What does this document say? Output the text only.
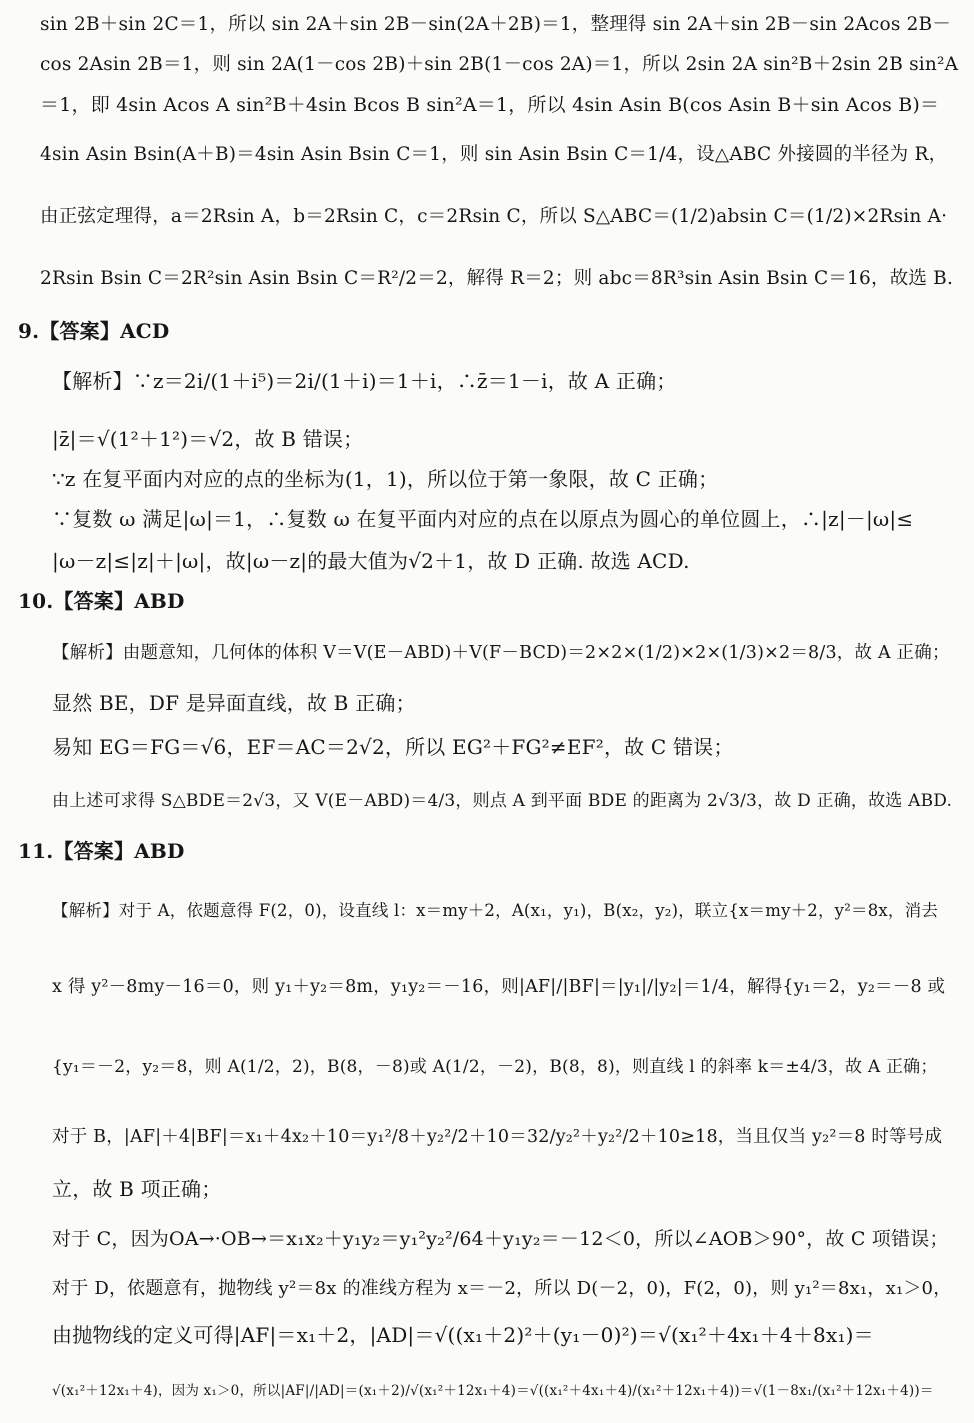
sin 2B＋sin 2C＝1，所以 sin 2A＋sin 2B－sin(2A＋2B)＝1，整理得 sin 2A＋sin 2B－sin 2Acos 2B－
cos 2Asin 2B＝1，则 sin 2A(1－cos 2B)＋sin 2B(1－cos 2A)＝1，所以 2sin 2A sin²B＋2sin 2B sin²A
＝1，即 4sin Acos A sin²B＋4sin Bcos B sin²A＝1，所以 4sin Asin B(cos Asin B＋sin Acos B)＝
4sin Asin Bsin(A＋B)＝4sin Asin Bsin C＝1，则 sin Asin Bsin C＝1/4，设△ABC 外接圆的半径为 R，
由正弦定理得，a＝2Rsin A，b＝2Rsin C，c＝2Rsin C，所以 S△ABC＝(1/2)absin C＝(1/2)×2Rsin A·
2Rsin Bsin C＝2R²sin Asin Bsin C＝R²/2＝2，解得 R＝2；则 abc＝8R³sin Asin Bsin C＝16，故选 B.
9.【答案】ACD
【解析】∵z＝2i/(1＋i⁵)＝2i/(1＋i)＝1＋i，∴z̄＝1－i，故 A 正确；
|z̄|＝√(1²＋1²)＝√2，故 B 错误；
∵z 在复平面内对应的点的坐标为(1，1)，所以位于第一象限，故 C 正确；
∵复数 ω 满足|ω|＝1，∴复数 ω 在复平面内对应的点在以原点为圆心的单位圆上，∴|z|－|ω|≤
|ω－z|≤|z|＋|ω|，故|ω－z|的最大值为√2＋1，故 D 正确. 故选 ACD.
10.【答案】ABD
【解析】由题意知，几何体的体积 V＝V(E－ABD)＋V(F－BCD)＝2×2×(1/2)×2×(1/3)×2＝8/3，故 A 正确；
显然 BE，DF 是异面直线，故 B 正确；
易知 EG＝FG＝√6，EF＝AC＝2√2，所以 EG²＋FG²≠EF²，故 C 错误；
由上述可求得 S△BDE＝2√3，又 V(E－ABD)＝4/3，则点 A 到平面 BDE 的距离为 2√3/3，故 D 正确，故选 ABD.
11.【答案】ABD
【解析】对于 A，依题意得 F(2，0)，设直线 l：x＝my＋2，A(x₁，y₁)，B(x₂，y₂)，联立{x＝my＋2，y²＝8x，消去
x 得 y²－8my－16＝0，则 y₁＋y₂＝8m，y₁y₂＝－16，则|AF|/|BF|＝|y₁|/|y₂|＝1/4，解得{y₁＝2，y₂＝－8 或
{y₁＝－2，y₂＝8，则 A(1/2，2)，B(8，－8)或 A(1/2，－2)，B(8，8)，则直线 l 的斜率 k＝±4/3，故 A 正确；
对于 B，|AF|＋4|BF|＝x₁＋4x₂＋10＝y₁²/8＋y₂²/2＋10＝32/y₂²＋y₂²/2＋10≥18，当且仅当 y₂²＝8 时等号成
立，故 B 项正确；
对于 C，因为OA→·OB→＝x₁x₂＋y₁y₂＝y₁²y₂²/64＋y₁y₂＝－12＜0，所以∠AOB＞90°，故 C 项错误；
对于 D，依题意有，抛物线 y²＝8x 的准线方程为 x＝－2，所以 D(－2，0)，F(2，0)，则 y₁²＝8x₁，x₁＞0，
由抛物线的定义可得|AF|＝x₁＋2，|AD|＝√((x₁＋2)²＋(y₁－0)²)＝√(x₁²＋4x₁＋4＋8x₁)＝
√(x₁²＋12x₁＋4)，因为 x₁＞0，所以|AF|/|AD|＝(x₁＋2)/√(x₁²＋12x₁＋4)＝√((x₁²＋4x₁＋4)/(x₁²＋12x₁＋4))＝√(1－8x₁/(x₁²＋12x₁＋4))＝
